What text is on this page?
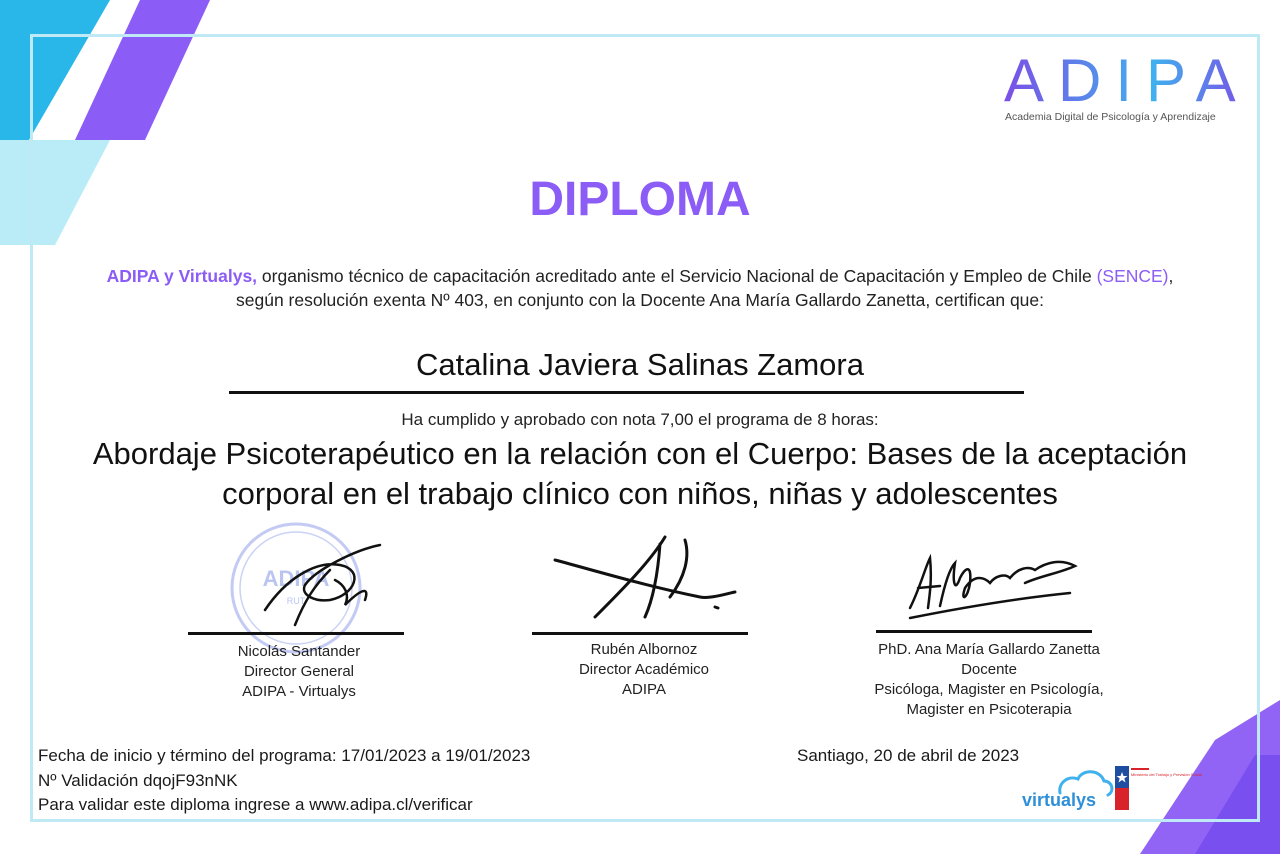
ADIPA
Academia Digital de Psicología y Aprendizaje
DIPLOMA
ADIPA y Virtualys, organismo técnico de capacitación acreditado ante el Servicio Nacional de Capacitación y Empleo de Chile (SENCE), según resolución exenta Nº 403, en conjunto con la Docente Ana María Gallardo Zanetta, certifican que:
Catalina Javiera Salinas Zamora
Ha cumplido y aprobado con nota 7,00 el programa de 8 horas:
Abordaje Psicoterapéutico en la relación con el Cuerpo: Bases de la aceptación corporal en el trabajo clínico con niños, niñas y adolescentes
ADIPA
RUT
Nicolás Santander
Director General
ADIPA - Virtualys
Rubén Albornoz
Director Académico
ADIPA
PhD. Ana María Gallardo Zanetta
Docente
Psicóloga, Magister en Psicología,
Magister en Psicoterapia
Fecha de inicio y término del programa: 17/01/2023 a 19/01/2023
Nº Validación dqojF93nNK
Para validar este diploma ingrese a www.adipa.cl/verificar
Santiago, 20 de abril de 2023
virtualys
Ministerio del Trabajo y Previsión Social
